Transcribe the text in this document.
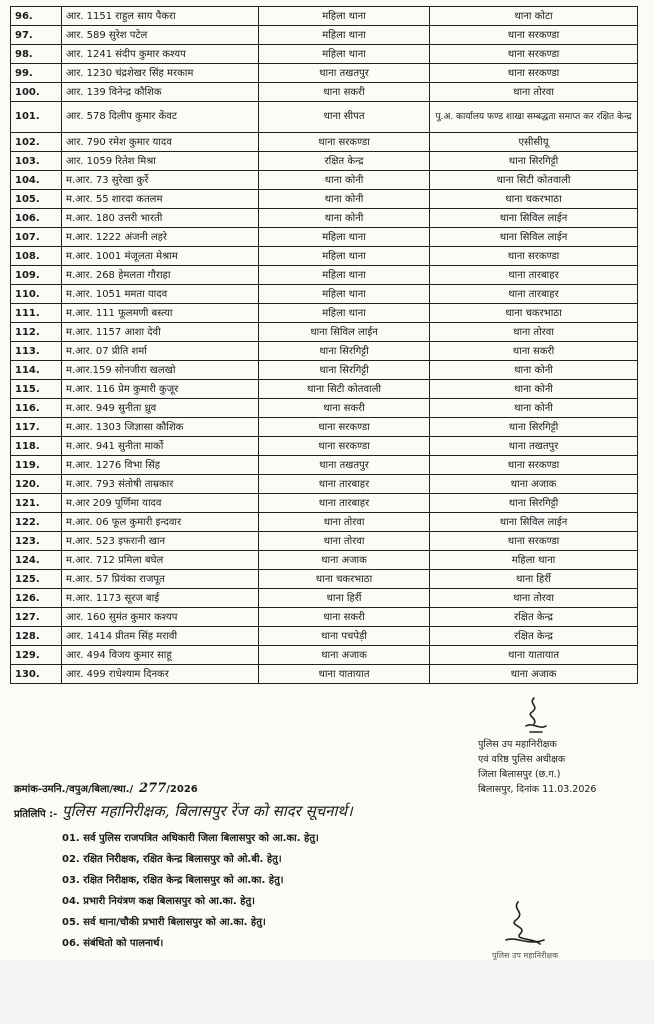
96.	आर. 1151 राहुल साय पैकरा	महिला थाना	थाना कोटा
97.	आर. 589 सुरेश पटेल	महिला थाना	थाना सरकण्डा
98.	आर. 1241 संदीप कुमार कश्यप	महिला थाना	थाना सरकण्डा
99.	आर. 1230 चंद्रशेखर सिंह मरकाम	थाना तखतपुर	थाना सरकण्डा
100.	आर. 139 विनेन्द्र कौशिक	थाना सकरी	थाना तोरवा
101.	आर. 578 दिलीप कुमार केंवट	थाना सीपत	पु.अ. कार्यालय फण्ड शाखा सम्बद्धता समाप्त कर रक्षित केन्द्र
102.	आर. 790 रमेश कुमार यादव	थाना सरकण्डा	एसीसीयू
103.	आर. 1059 रितेश मिश्रा	रक्षित केन्द्र	थाना सिरगिट्टी
104.	म.आर. 73 सुरेखा कुर्रे	थाना कोनी	थाना सिटी कोतवाली
105.	म.आर. 55 शारदा कतलम	थाना कोनी	थाना चकरभाठा
106.	म.आर. 180 उत्तरी भारती	थाना कोनी	थाना सिविल लाईन
107.	म.आर. 1222 अंजनी लहरे	महिला थाना	थाना सिविल लाईन
108.	म.आर. 1001 मंजूलता मेश्राम	महिला थाना	थाना सरकण्डा
109.	म.आर. 268 हेमलता गौराहा	महिला थाना	थाना तारबाहर
110.	म.आर. 1051 ममता यादव	महिला थाना	थाना तारबाहर
111.	म.आर. 111 फूलमणी बस्त्या	महिला थाना	थाना चकरभाठा
112.	म.आर. 1157 आशा देवी	थाना सिविल लाईन	थाना तोरवा
113.	म.आर. 07 प्रीति शर्मा	थाना सिरगिट्टी	थाना सकरी
114.	म.आर.159 सोनजीरा खलखो	थाना सिरगिट्टी	थाना कोनी
115.	म.आर. 116 प्रेम कुमारी कुजूर	थाना सिटी कोतवाली	थाना कोनी
116.	म.आर. 949 सुनीता ध्रुव	थाना सकरी	थाना कोनी
117.	म.आर. 1303 जिज्ञासा कौशिक	थाना सरकण्डा	थाना सिरगिट्टी
118.	म.आर. 941 सुनीता मार्को	थाना सरकण्डा	थाना तखतपुर
119.	म.आर. 1276 विभा सिंह	थाना तखतपुर	थाना सरकण्डा
120.	म.आर. 793 संतोषी ताम्रकार	थाना तारबाहर	थाना अजाक
121.	म.आर 209 पूर्णिमा यादव	थाना तारबाहर	थाना सिरगिट्टी
122.	म.आर. 06 फूल कुमारी इन्दवार	थाना तोरवा	थाना सिविल लाईन
123.	म.आर. 523 इफरानी खान	थाना तोरवा	थाना सरकण्डा
124.	म.आर. 712 प्रमिला बघेल	थाना अजाक	महिला थाना
125.	म.आर. 57 प्रियंका राजपूत	थाना चकरभाठा	थाना हिर्री
126.	म.आर. 1173 सूरज बाई	थाना हिर्री	थाना तोरवा
127.	आर. 160 सुमंत कुमार कश्यप	थाना सकरी	रक्षित केन्द्र
128.	आर. 1414 प्रीतम सिंह मरावी	थाना पचपेड़ी	रक्षित केन्द्र
129.	आर. 494 विजय कुमार साहू	थाना अजाक	थाना यातायात
130.	आर. 499 राधेश्याम दिनकर	थाना यातायात	थाना अजाक
पुलिस उप महानिरीक्षक
एवं वरिष्ठ पुलिस अधीक्षक
जिला बिलासपुर (छ.ग.)
बिलासपुर, दिनांक 11.03.2026
क्रमांक-उमनि./वपुअ/बिला/स्था./ 277/2026
प्रतिलिपि :- पुलिस महानिरीक्षक, बिलासपुर रेंज को सादर सूचनार्थ।
01. सर्व पुलिस राजपत्रित अधिकारी जिला बिलासपुर को आ.का. हेतु।
02. रक्षित निरीक्षक, रक्षित केन्द्र बिलासपुर को ओ.बी. हेतु।
03. रक्षित निरीक्षक, रक्षित केन्द्र बिलासपुर को आ.का. हेतु।
04. प्रभारी नियंत्रण कक्ष बिलासपुर को आ.का. हेतु।
05. सर्व थाना/चौकी प्रभारी बिलासपुर को आ.का. हेतु।
06. संबंधितो को पालनार्थ।
पुलिस उप महानिरीक्षक
